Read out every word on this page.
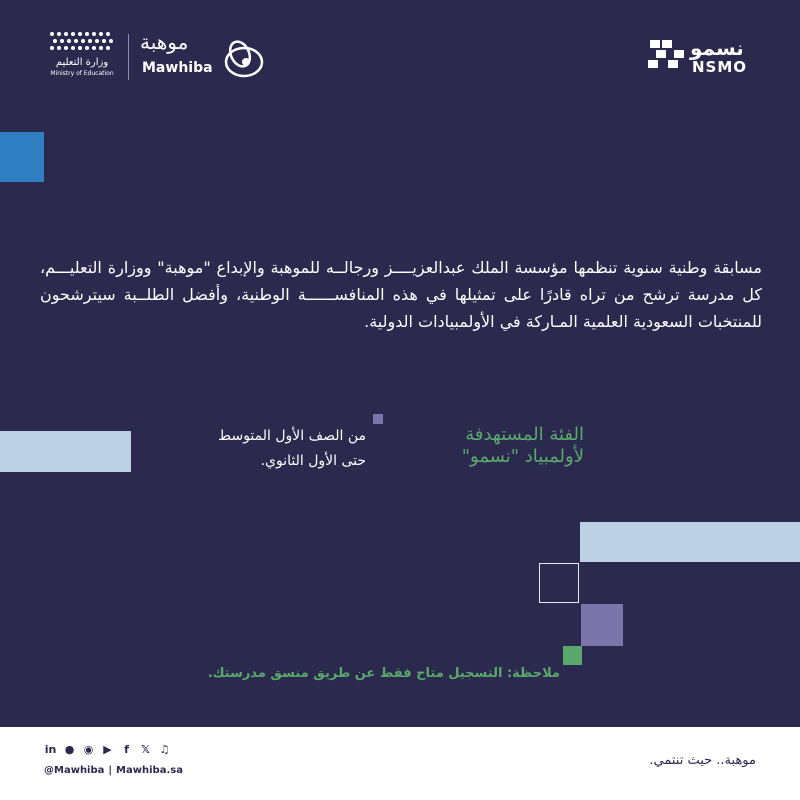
نسمو
NSMO
وزارة التعليم
Ministry of Education
موهبة
Mawhiba
مسابقة وطنية سنوية تنظمها مؤسسة الملك عبدالعزيــــز ورجالــه للموهبة والإبداع "موهبة" ووزارة التعليـــم، كل مدرسة ترشح من تراه قادرًا على تمثيلها في هذه المنافســــــة الوطنية، وأفضل الطلــبة سيترشحون للمنتخبات السعودية العلمية المـاركة في الأولمبيادات الدولية.
الفئة المستهدفة
لأولمبياد "نسمو"
من الصف الأول المتوسط
حتى الأول الثانوي.
ملاحظة: التسجيل متاح فقط عن طريق منسق مدرستك.
in ● ◉ ▶	f	𝕏 ♫
@Mawhiba | Mawhiba.sa
موهبة.. حيث تنتمي.
